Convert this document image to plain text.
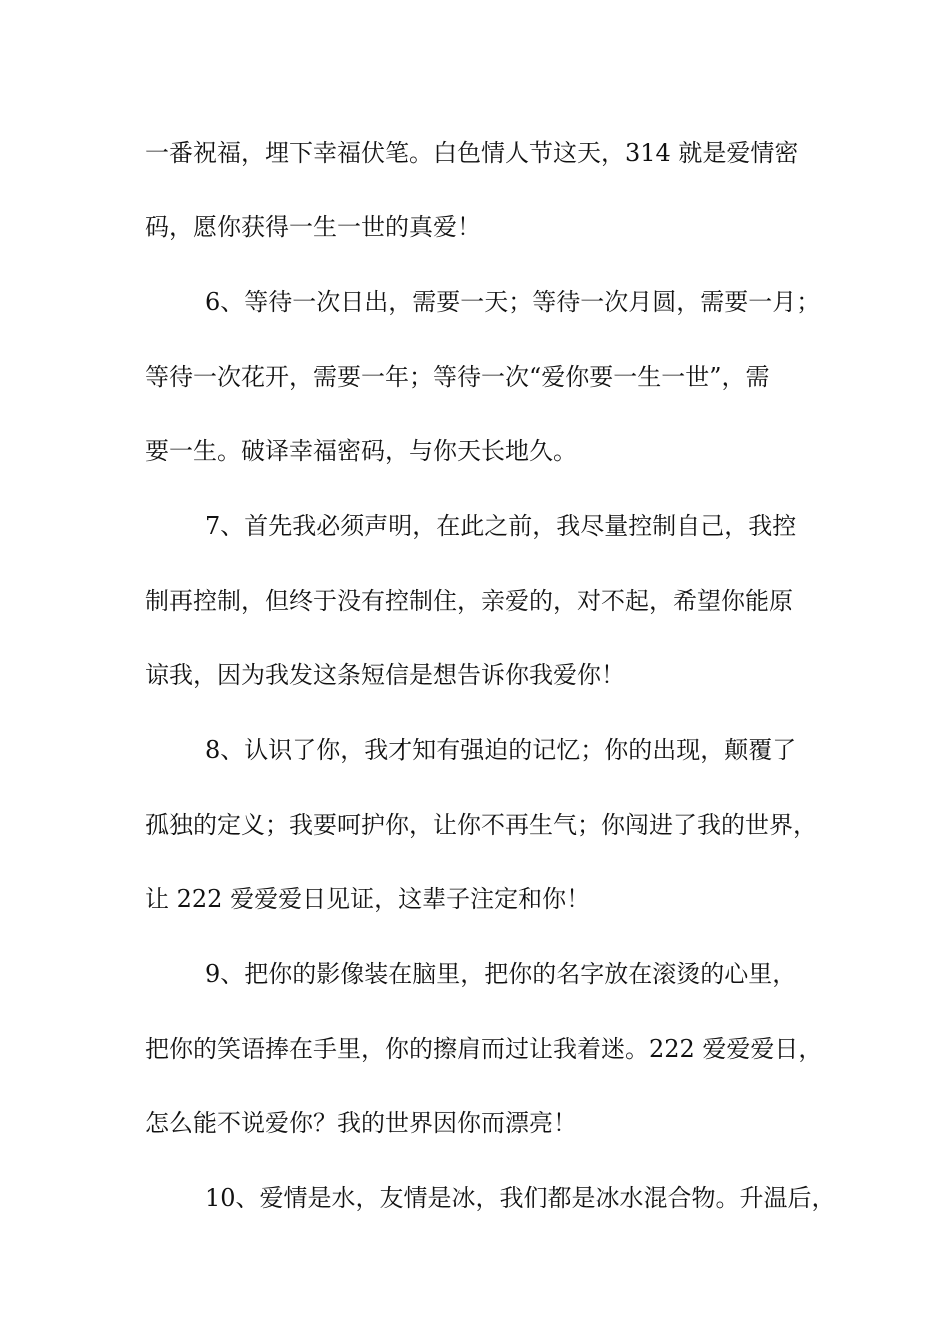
一番祝福，埋下幸福伏笔。白色情人节这天，314 就是爱情密
码，愿你获得一生一世的真爱！
6、等待一次日出，需要一天；等待一次月圆，需要一月；
等待一次花开，需要一年；等待一次“爱你要一生一世”，需
要一生。破译幸福密码，与你天长地久。
7、首先我必须声明，在此之前，我尽量控制自己，我控
制再控制，但终于没有控制住，亲爱的，对不起，希望你能原
谅我，因为我发这条短信是想告诉你我爱你！
8、认识了你，我才知有强迫的记忆；你的出现，颠覆了
孤独的定义；我要呵护你，让你不再生气；你闯进了我的世界，
让 222 爱爱爱日见证，这辈子注定和你！
9、把你的影像装在脑里，把你的名字放在滚烫的心里，
把你的笑语捧在手里，你的擦肩而过让我着迷。222 爱爱爱日，
怎么能不说爱你？我的世界因你而漂亮！
10、爱情是水，友情是冰，我们都是冰水混合物。升温后，
